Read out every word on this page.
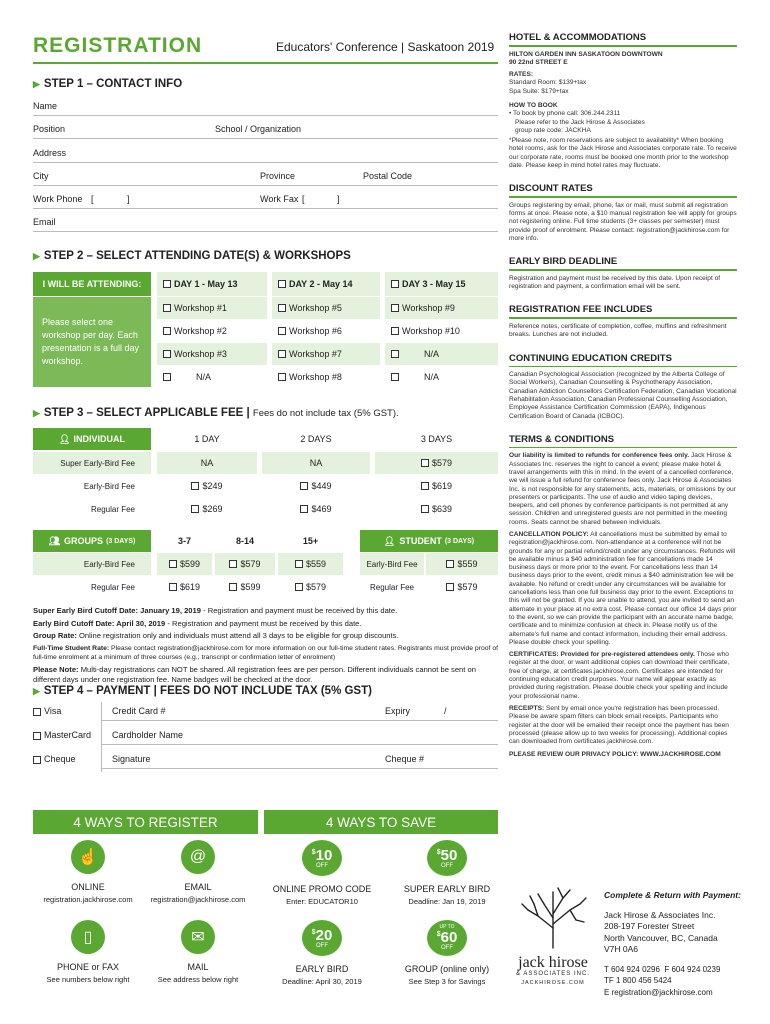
REGISTRATION	Educators' Conference | Saskatoon 2019
▶ STEP 1 – CONTACT INFO
Name
Position	School / Organization
Address
City	Province	Postal Code
Work Phone [	]	Work Fax [	]
Email
▶ STEP 2 – SELECT ATTENDING DATE(S) & WORKSHOPS
I WILL BE ATTENDING:
Please select one workshop per day. Each presentation is a full day workshop.
DAY 1 - May 13	DAY 2 - May 14	DAY 3 - May 15
Workshop #1	Workshop #5	Workshop #9
Workshop #2	Workshop #6	Workshop #10
Workshop #3	Workshop #7	N/A
N/A	Workshop #8	N/A
▶ STEP 3 – SELECT APPLICABLE FEE | Fees do not include tax (5% GST).
👤︎ INDIVIDUAL	1 DAY	2 DAYS	3 DAYS
Super Early-Bird Fee	NA	NA	$579
Early-Bird Fee	$249	$449	$619
Regular Fee	$269	$469	$639
👥︎ GROUPS (3 DAYS)	3-7	8-14	15+	👤︎ STUDENT (3 DAYS)
Early-Bird Fee	$599	$579	$559	Early-Bird Fee	$559
Regular Fee	$619	$599	$579	Regular Fee	$579
Super Early Bird Cutoff Date: January 19, 2019 - Registration and payment must be received by this date.
Early Bird Cutoff Date: April 30, 2019 - Registration and payment must be received by this date.
Group Rate: Online registration only and individuals must attend all 3 days to be eligible for group discounts.
Full-Time Student Rate: Please contact registration@jackhirose.com for more information on our full-time student rates. Registrants must provide proof of full-time enrolment at a minimum of three courses (e.g., transcript or confirmation letter of enrolment)
Please Note: Multi-day registrations can NOT be shared. All registration fees are per person. Different individuals cannot be sent on different days under one registration fee. Name badges will be checked at the door.
▶ STEP 4 – PAYMENT | FEES DO NOT INCLUDE TAX (5% GST)
Visa
MasterCard
Cheque
Credit Card #	Expiry	/
Cardholder Name
Signature	Cheque #
4 WAYS TO REGISTER	4 WAYS TO SAVE
☝
ONLINE
registration.jackhirose.com
@
EMAIL
registration@jackhirose.com
$10
OFF
ONLINE PROMO CODE
Enter: EDUCATOR10
$50
OFF
SUPER EARLY BIRD
Deadline: Jan 19, 2019
▯
PHONE or FAX
See numbers below right
✉
MAIL
See address below right
$20
OFF
EARLY BIRD
Deadline: April 30, 2019
UP TO
$60
OFF
GROUP (online only)
See Step 3 for Savings
HOTEL & ACCOMMODATIONS
HILTON GARDEN INN SASKATOON DOWNTOWN
90 22nd STREET E
RATES:
Standard Room: $139+tax
Spa Suite: $179+tax
HOW TO BOOK
• To book by phone call: 306.244.2311
Please refer to the Jack Hirose & Associates
group rate code: JACKHA
*Please note, room reservations are subject to availability* When booking hotel rooms, ask for the Jack Hirose and Associates corporate rate. To receive our corporate rate, rooms must be booked one month prior to the workshop date. Please keep in mind hotel rates may fluctuate.
DISCOUNT RATES
Groups registering by email, phone, fax or mail, must submit all registration forms at once. Please note, a $10 manual registration fee will apply for groups not registering online. Full time students (3+ classes per semester) must provide proof of enrolment. Please contact: registration@jackhirose.com for more info.
EARLY BIRD DEADLINE
Registration and payment must be received by this date. Upon receipt of registration and payment, a confirmation email will be sent.
REGISTRATION FEE INCLUDES
Reference notes, certificate of completion, coffee, muffins and refreshment breaks. Lunches are not included.
CONTINUING EDUCATION CREDITS
Canadian Psychological Association (recognized by the Alberta College of Social Workers), Canadian Counselling & Psychotherapy Association, Canadian Addiction Counsellors Certification Federation, Canadian Vocational Rehabilitation Association, Canadian Professional Counselling Association, Employee Assistance Certification Commission (EAPA), Indigenous Certification Board of Canada (ICBOC).
TERMS & CONDITIONS
Our liability is limited to refunds for conference fees only. Jack Hirose & Associates Inc. reserves the right to cancel a event; please make hotel & travel arrangements with this in mind. In the event of a cancelled conference, we will issue a full refund for conference fees only. Jack Hirose & Associates Inc. is not responsible for any statements, acts, materials, or omissions by our presenters or participants. The use of audio and video taping devices, beepers, and cell phones by conference participants is not permitted at any session. Children and unregistered guests are not permitted in the meeting rooms. Seats cannot be shared between individuals.
CANCELLATION POLICY: All cancellations must be submitted by email to registration@jackhirose.com. Non-attendance at a conference will not be grounds for any or partial refund/credit under any circumstances. Refunds will be available minus a $40 administration fee for cancellations made 14 business days or more prior to the event. For cancellations less than 14 business days prior to the event, credit minus a $40 administration fee will be available. No refund or credit under any circumstances will be available for cancellations less than one full business day prior to the event. Exceptions to this will not be granted. If you are unable to attend, you are invited to send an alternate in your place at no extra cost. Please contact our office 14 days prior to the event, so we can provide the participant with an accurate name badge, certificate and to minimize confusion at check in. Please notify us of the alternate's full name and contact information, including their email address. Please double check your spelling.
CERTIFICATES: Provided for pre-registered attendees only. Those who register at the door, or want additional copies can download their certificate, free of charge, at certificates.jackhirose.com. Certificates are intended for continuing education credit purposes. Your name will appear exactly as provided during registration. Please double check your spelling and include your professional name.
RECEIPTS: Sent by email once you're registration has been processed. Please be aware spam filters can block email receipts. Participants who register at the door will be emailed their receipt once the payment has been processed (please allow up to two weeks for processing). Additional copies can downloaded from certificates.jackhirose.com.
PLEASE REVIEW OUR PRIVACY POLICY: WWW.JACKHIROSE.COM
jack hirose
& ASSOCIATES INC.
JACKHIROSE.COM
Complete & Return with Payment:
Jack Hirose & Associates Inc.
208-197 Forester Street
North Vancouver, BC, Canada
V7H 0A6
T 604 924 0296 F 604 924 0239
TF 1 800 456 5424
E registration@jackhirose.com
